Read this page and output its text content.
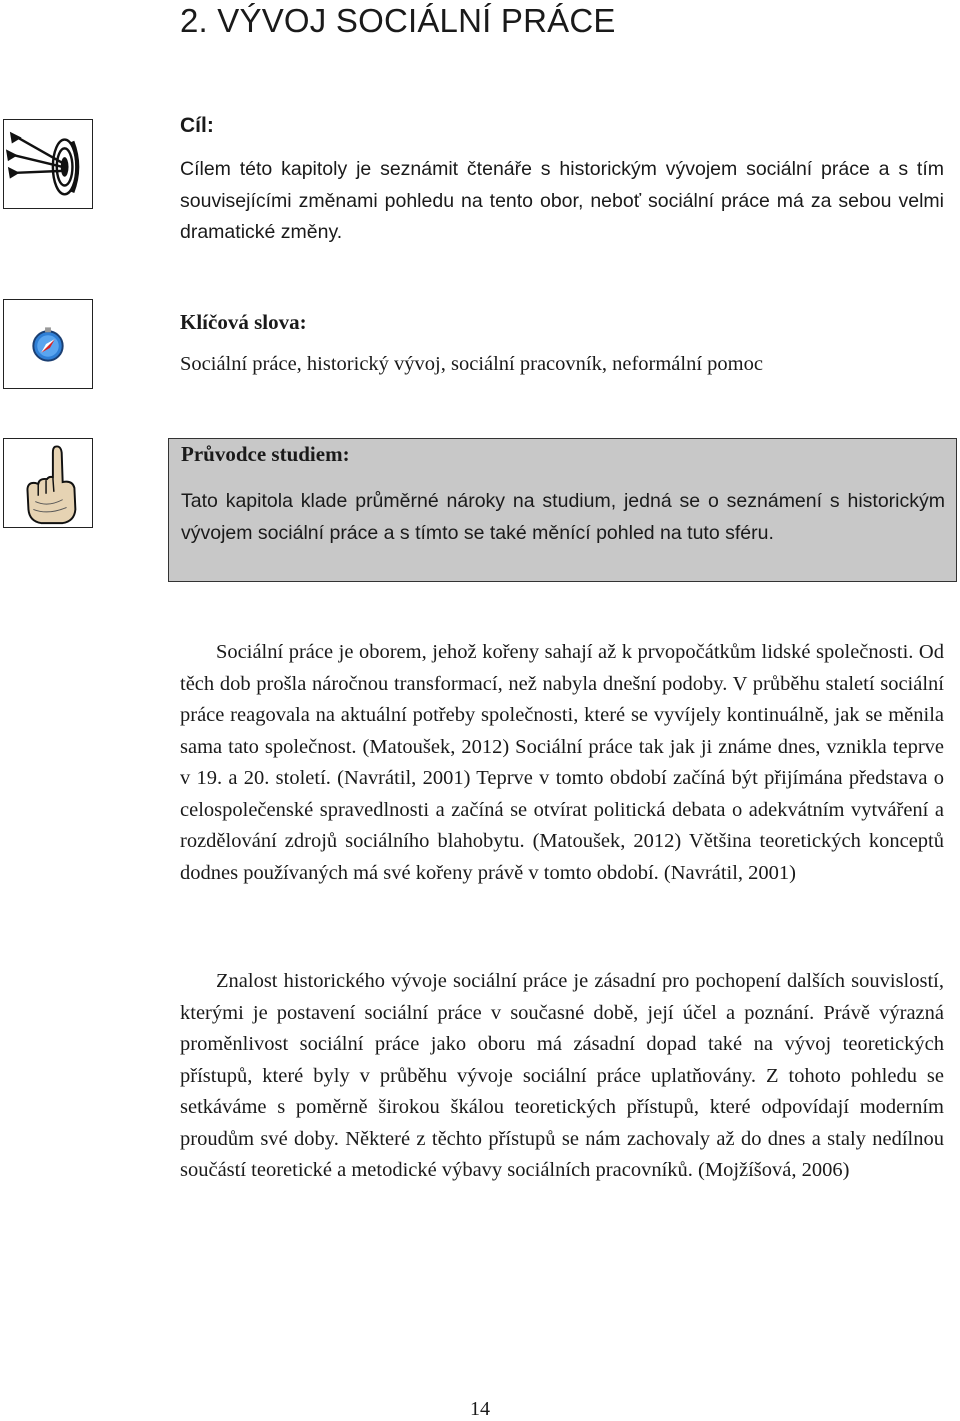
2. VÝVOJ SOCIÁLNÍ PRÁCE
Cíl:

Cílem této kapitoly je seznámit čtenáře s historickým vývojem sociální práce a s tím souvisejícími změnami pohledu na tento obor, neboť sociální práce má za sebou velmi dramatické změny.

Klíčová slova:

Sociální práce, historický vývoj, sociální pracovník, neformální pomoc

Průvodce studiem:

Tato kapitola klade průměrné nároky na studium, jedná se o seznámení s historickým vývojem sociální práce a s tímto se také měnící pohled na tuto sféru.

Sociální práce je oborem, jehož kořeny sahají až k prvopočátkům lidské společnosti. Od těch dob prošla náročnou transformací, než nabyla dnešní podoby. V průběhu staletí sociální práce reagovala na aktuální potřeby společnosti, které se vyvíjely kontinuálně, jak se měnila sama tato společnost. (Matoušek, 2012) Sociální práce tak jak ji známe dnes, vznikla teprve v 19. a 20. století. (Navrátil, 2001) Teprve v tomto období začíná být přijímána představa o celospolečenské spravedlnosti a začíná se otvírat politická debata o adekvátním vytváření a rozdělování zdrojů sociálního blahobytu. (Matoušek, 2012) Většina teoretických konceptů dodnes používaných má své kořeny právě v tomto období. (Navrátil, 2001)

Znalost historického vývoje sociální práce je zásadní pro pochopení dalších souvislostí, kterými je postavení sociální práce v současné době, její účel a poznání. Právě výrazná proměnlivost sociální práce jako oboru má zásadní dopad také na vývoj teoretických přístupů, které byly v průběhu vývoje sociální práce uplatňovány. Z tohoto pohledu se setkáváme s poměrně širokou škálou teoretických přístupů, které odpovídají moderním proudům své doby. Některé z těchto přístupů se nám zachovaly až do dnes a staly nedílnou součástí teoretické a metodické výbavy sociálních pracovníků. (Mojžíšová, 2006)

14
